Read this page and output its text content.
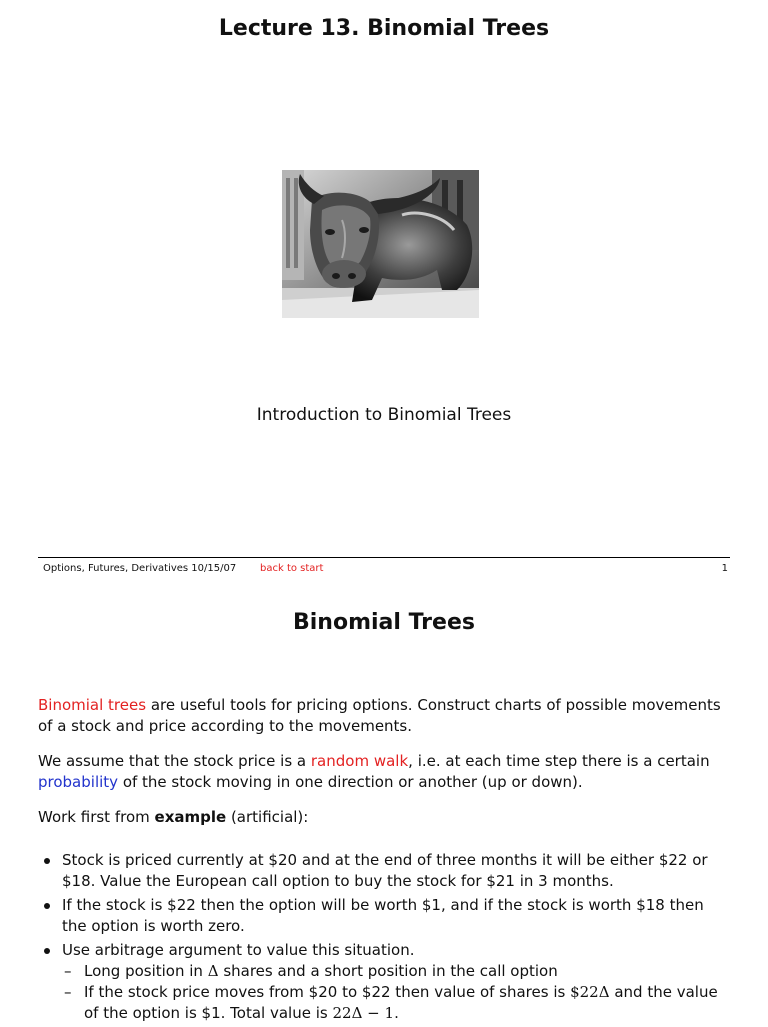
Lecture 13. Binomial Trees
Introduction to Binomial Trees
Options, Futures, Derivatives 10/15/07 back to start	1
Binomial Trees

Binomial trees are useful tools for pricing options. Construct charts of possible movements of a stock and price according to the movements.

We assume that the stock price is a random walk, i.e. at each time step there is a certain probability of the stock moving in one direction or another (up or down).

Work first from example (artificial):

Stock is priced currently at $20 and at the end of three months it will be either $22 or $18. Value the European call option to buy the stock for $21 in 3 months.
If the stock is $22 then the option will be worth $1, and if the stock is worth $18 then the option is worth zero.
Use arbitrage argument to value this situation.
– Long position in Δ shares and a short position in the call option
– If the stock price moves from $20 to $22 then value of shares is $22Δ and the value of the option is $1. Total value is 22Δ − 1.
